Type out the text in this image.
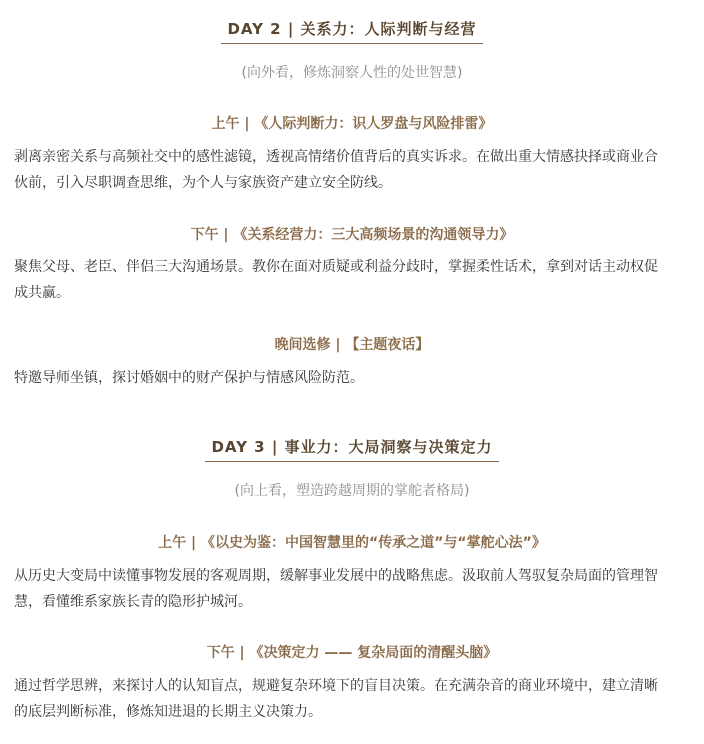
DAY 2 | 关系力：人际判断与经营
(向外看，修炼洞察人性的处世智慧)
上午 | 《人际判断力：识人罗盘与风险排雷》
剥离亲密关系与高频社交中的感性滤镜，透视高情绪价值背后的真实诉求。在做出重大情感抉择或商业合伙前，引入尽职调查思维，为个人与家族资产建立安全防线。
下午 | 《关系经营力：三大高频场景的沟通领导力》
聚焦父母、老臣、伴侣三大沟通场景。教你在面对质疑或利益分歧时，掌握柔性话术，拿到对话主动权促成共赢。
晚间选修 | 【主题夜话】
特邀导师坐镇，探讨婚姻中的财产保护与情感风险防范。
DAY 3 | 事业力：大局洞察与决策定力
(向上看，塑造跨越周期的掌舵者格局)
上午 | 《以史为鉴：中国智慧里的“传承之道”与“掌舵心法”》
从历史大变局中读懂事物发展的客观周期，缓解事业发展中的战略焦虑。汲取前人驾驭复杂局面的管理智慧，看懂维系家族长青的隐形护城河。
下午 | 《决策定力 —— 复杂局面的清醒头脑》
通过哲学思辨，来探讨人的认知盲点，规避复杂环境下的盲目决策。在充满杂音的商业环境中，建立清晰的底层判断标准，修炼知进退的长期主义决策力。
